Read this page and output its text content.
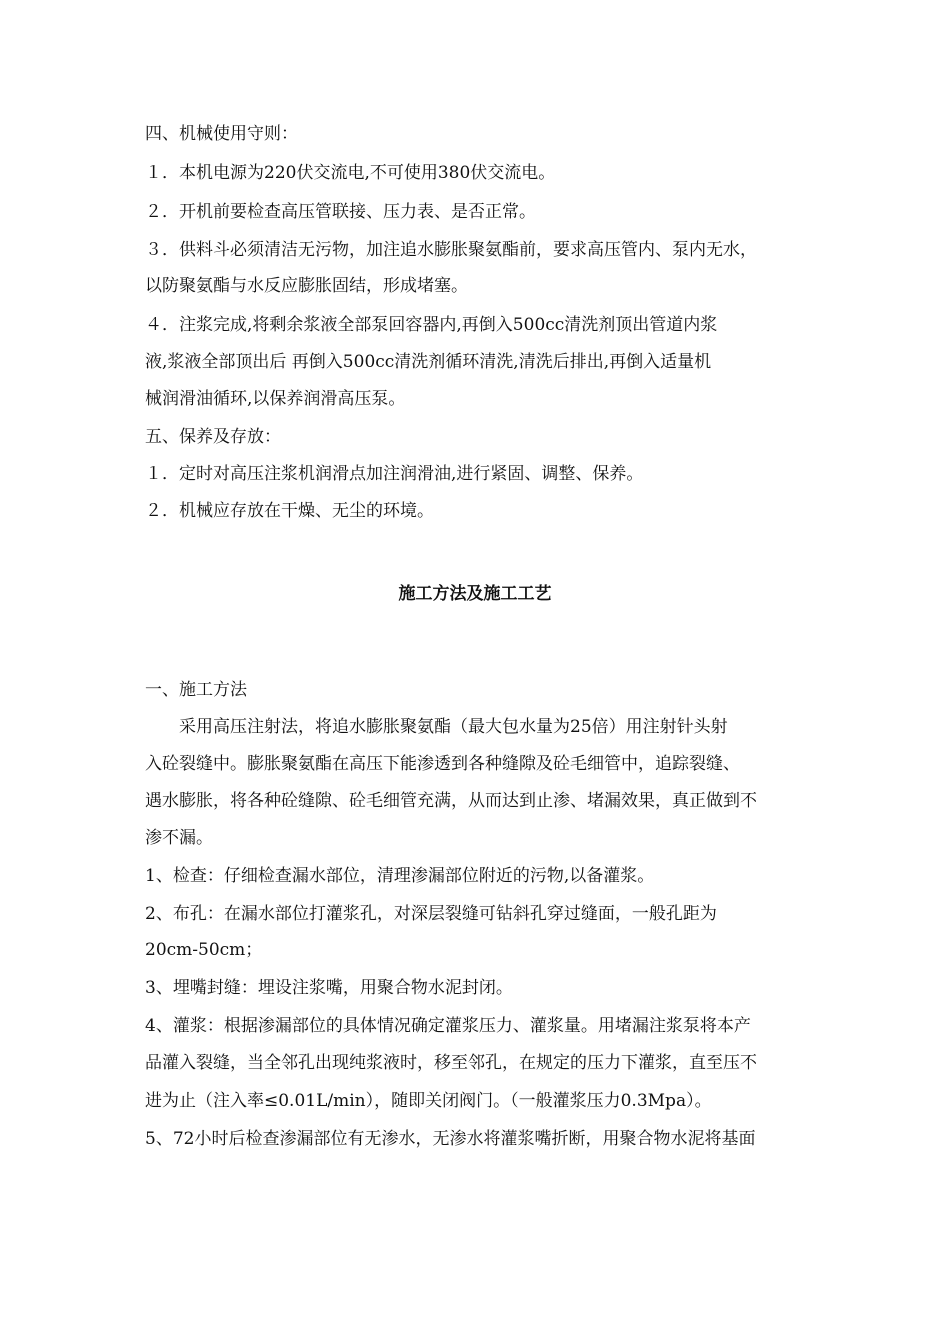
四、机械使用守则：
１．本机电源为220伏交流电,不可使用380伏交流电。
２．开机前要检查高压管联接、压力表、是否正常。
３．供料斗必须清洁无污物，加注追水膨胀聚氨酯前，要求高压管内、泵内无水，
以防聚氨酯与水反应膨胀固结，形成堵塞。
４．注浆完成,将剩余浆液全部泵回容器内,再倒入500cc清洗剂顶出管道内浆
液,浆液全部顶出后 再倒入500cc清洗剂循环清洗,清洗后排出,再倒入适量机
械润滑油循环,以保养润滑高压泵。
五、保养及存放：
１．定时对高压注浆机润滑点加注润滑油,进行紧固、调整、保养。
２．机械应存放在干燥、无尘的环境。
施工方法及施工工艺
一、施工方法
　　采用高压注射法，将追水膨胀聚氨酯（最大包水量为25倍）用注射针头射
入砼裂缝中。膨胀聚氨酯在高压下能渗透到各种缝隙及砼毛细管中，追踪裂缝、
遇水膨胀，将各种砼缝隙、砼毛细管充满，从而达到止渗、堵漏效果，真正做到不
渗不漏。
1、检查：仔细检查漏水部位，清理渗漏部位附近的污物,以备灌浆。
2、布孔：在漏水部位打灌浆孔，对深层裂缝可钻斜孔穿过缝面，一般孔距为
20cm-50cm；
3、埋嘴封缝：埋设注浆嘴，用聚合物水泥封闭。
4、灌浆：根据渗漏部位的具体情况确定灌浆压力、灌浆量。用堵漏注浆泵将本产
品灌入裂缝，当全邻孔出现纯浆液时，移至邻孔，在规定的压力下灌浆，直至压不
进为止（注入率≤0.01L/min），随即关闭阀门。（一般灌浆压力0.3Mpa）。
5、72小时后检查渗漏部位有无渗水，无渗水将灌浆嘴折断，用聚合物水泥将基面
